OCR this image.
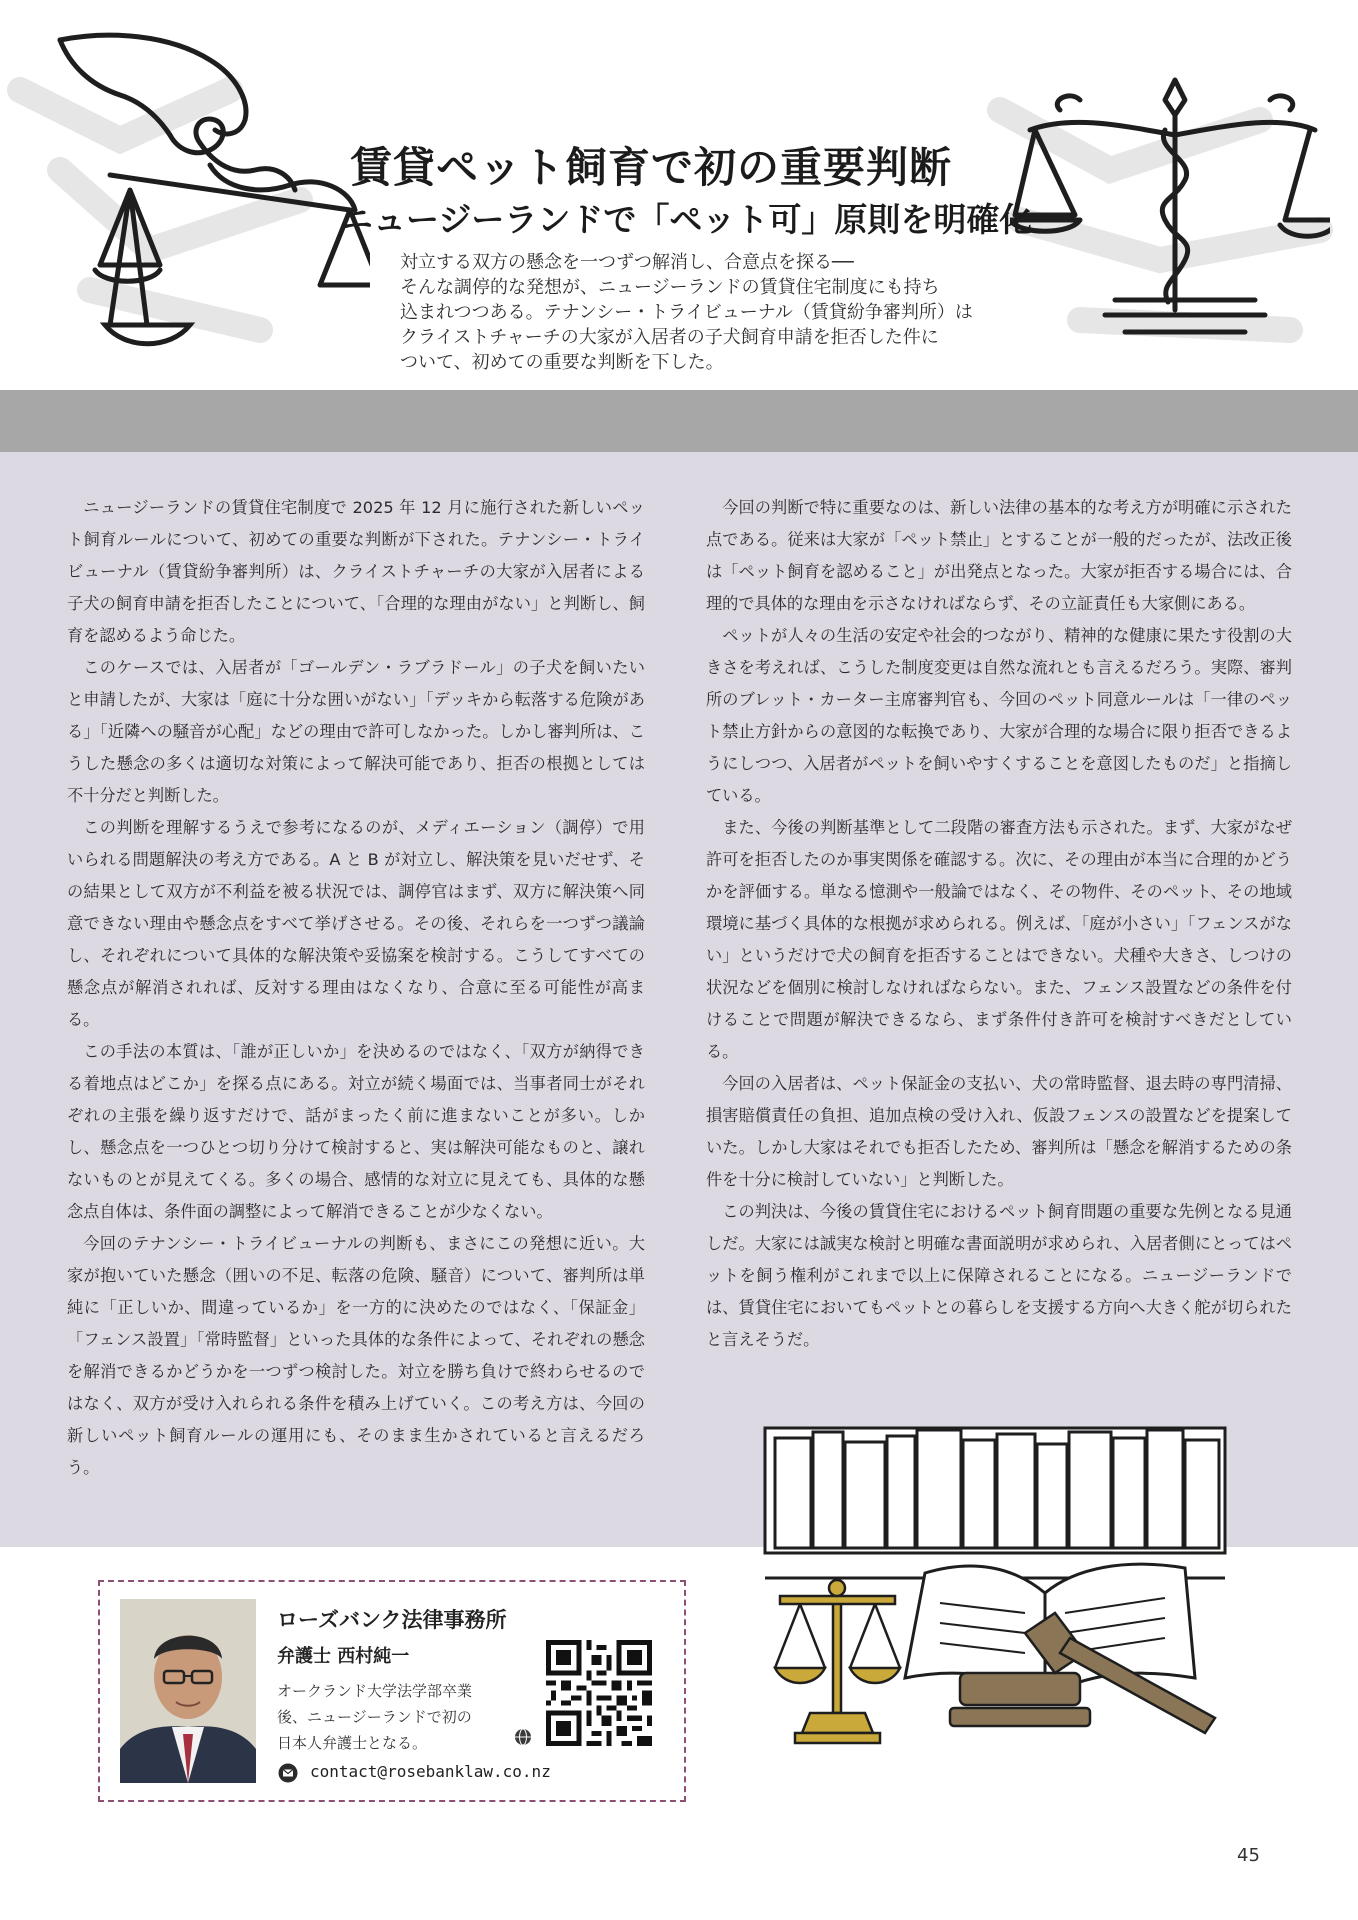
賃貸ペット飼育で初の重要判断
ニュージーランドで「ペット可」原則を明確化

対立する双方の懸念を一つずつ解消し、合意点を探る──

そんな調停的な発想が、ニュージーランドの賃貸住宅制度にも持ち

込まれつつある。テナンシー・トライビューナル（賃貸紛争審判所）は

クライストチャーチの大家が入居者の子犬飼育申請を拒否した件に

ついて、初めての重要な判断を下した。

ニュージーランドの賃貸住宅制度で 2025 年 12 月に施行された新しいペット飼育ルールについて、初めての重要な判断が下された。テナンシー・トライビューナル（賃貸紛争審判所）は、クライストチャーチの大家が入居者による子犬の飼育申請を拒否したことについて、「合理的な理由がない」と判断し、飼育を認めるよう命じた。

このケースでは、入居者が「ゴールデン・ラブラドール」の子犬を飼いたいと申請したが、大家は「庭に十分な囲いがない」「デッキから転落する危険がある」「近隣への騒音が心配」などの理由で許可しなかった。しかし審判所は、こうした懸念の多くは適切な対策によって解決可能であり、拒否の根拠としては不十分だと判断した。

この判断を理解するうえで参考になるのが、メディエーション（調停）で用いられる問題解決の考え方である。A と B が対立し、解決策を見いだせず、その結果として双方が不利益を被る状況では、調停官はまず、双方に解決策へ同意できない理由や懸念点をすべて挙げさせる。その後、それらを一つずつ議論し、それぞれについて具体的な解決策や妥協案を検討する。こうしてすべての懸念点が解消されれば、反対する理由はなくなり、合意に至る可能性が高まる。

この手法の本質は、「誰が正しいか」を決めるのではなく、「双方が納得できる着地点はどこか」を探る点にある。対立が続く場面では、当事者同士がそれぞれの主張を繰り返すだけで、話がまったく前に進まないことが多い。しかし、懸念点を一つひとつ切り分けて検討すると、実は解決可能なものと、譲れないものとが見えてくる。多くの場合、感情的な対立に見えても、具体的な懸念点自体は、条件面の調整によって解消できることが少なくない。

今回のテナンシー・トライビューナルの判断も、まさにこの発想に近い。大家が抱いていた懸念（囲いの不足、転落の危険、騒音）について、審判所は単純に「正しいか、間違っているか」を一方的に決めたのではなく、「保証金」「フェンス設置」「常時監督」といった具体的な条件によって、それぞれの懸念を解消できるかどうかを一つずつ検討した。対立を勝ち負けで終わらせるのではなく、双方が受け入れられる条件を積み上げていく。この考え方は、今回の新しいペット飼育ルールの運用にも、そのまま生かされていると言えるだろう。

今回の判断で特に重要なのは、新しい法律の基本的な考え方が明確に示された点である。従来は大家が「ペット禁止」とすることが一般的だったが、法改正後は「ペット飼育を認めること」が出発点となった。大家が拒否する場合には、合理的で具体的な理由を示さなければならず、その立証責任も大家側にある。

ペットが人々の生活の安定や社会的つながり、精神的な健康に果たす役割の大きさを考えれば、こうした制度変更は自然な流れとも言えるだろう。実際、審判所のブレット・カーター主席審判官も、今回のペット同意ルールは「一律のペット禁止方針からの意図的な転換であり、大家が合理的な場合に限り拒否できるようにしつつ、入居者がペットを飼いやすくすることを意図したものだ」と指摘している。

また、今後の判断基準として二段階の審査方法も示された。まず、大家がなぜ許可を拒否したのか事実関係を確認する。次に、その理由が本当に合理的かどうかを評価する。単なる憶測や一般論ではなく、その物件、そのペット、その地域環境に基づく具体的な根拠が求められる。例えば、「庭が小さい」「フェンスがない」というだけで犬の飼育を拒否することはできない。犬種や大きさ、しつけの状況などを個別に検討しなければならない。また、フェンス設置などの条件を付けることで問題が解決できるなら、まず条件付き許可を検討すべきだとしている。

今回の入居者は、ペット保証金の支払い、犬の常時監督、退去時の専門清掃、損害賠償責任の負担、追加点検の受け入れ、仮設フェンスの設置などを提案していた。しかし大家はそれでも拒否したため、審判所は「懸念を解消するための条件を十分に検討していない」と判断した。

この判決は、今後の賃貸住宅におけるペット飼育問題の重要な先例となる見通しだ。大家には誠実な検討と明確な書面説明が求められ、入居者側にとってはペットを飼う権利がこれまで以上に保障されることになる。ニュージーランドでは、賃貸住宅においてもペットとの暮らしを支援する方向へ大きく舵が切られたと言えそうだ。

ローズバンク法律事務所
弁護士 西村純一
オークランド大学法学部卒業
後、ニュージーランドで初の
日本人弁護士となる。
contact@rosebanklaw.co.nz
45
